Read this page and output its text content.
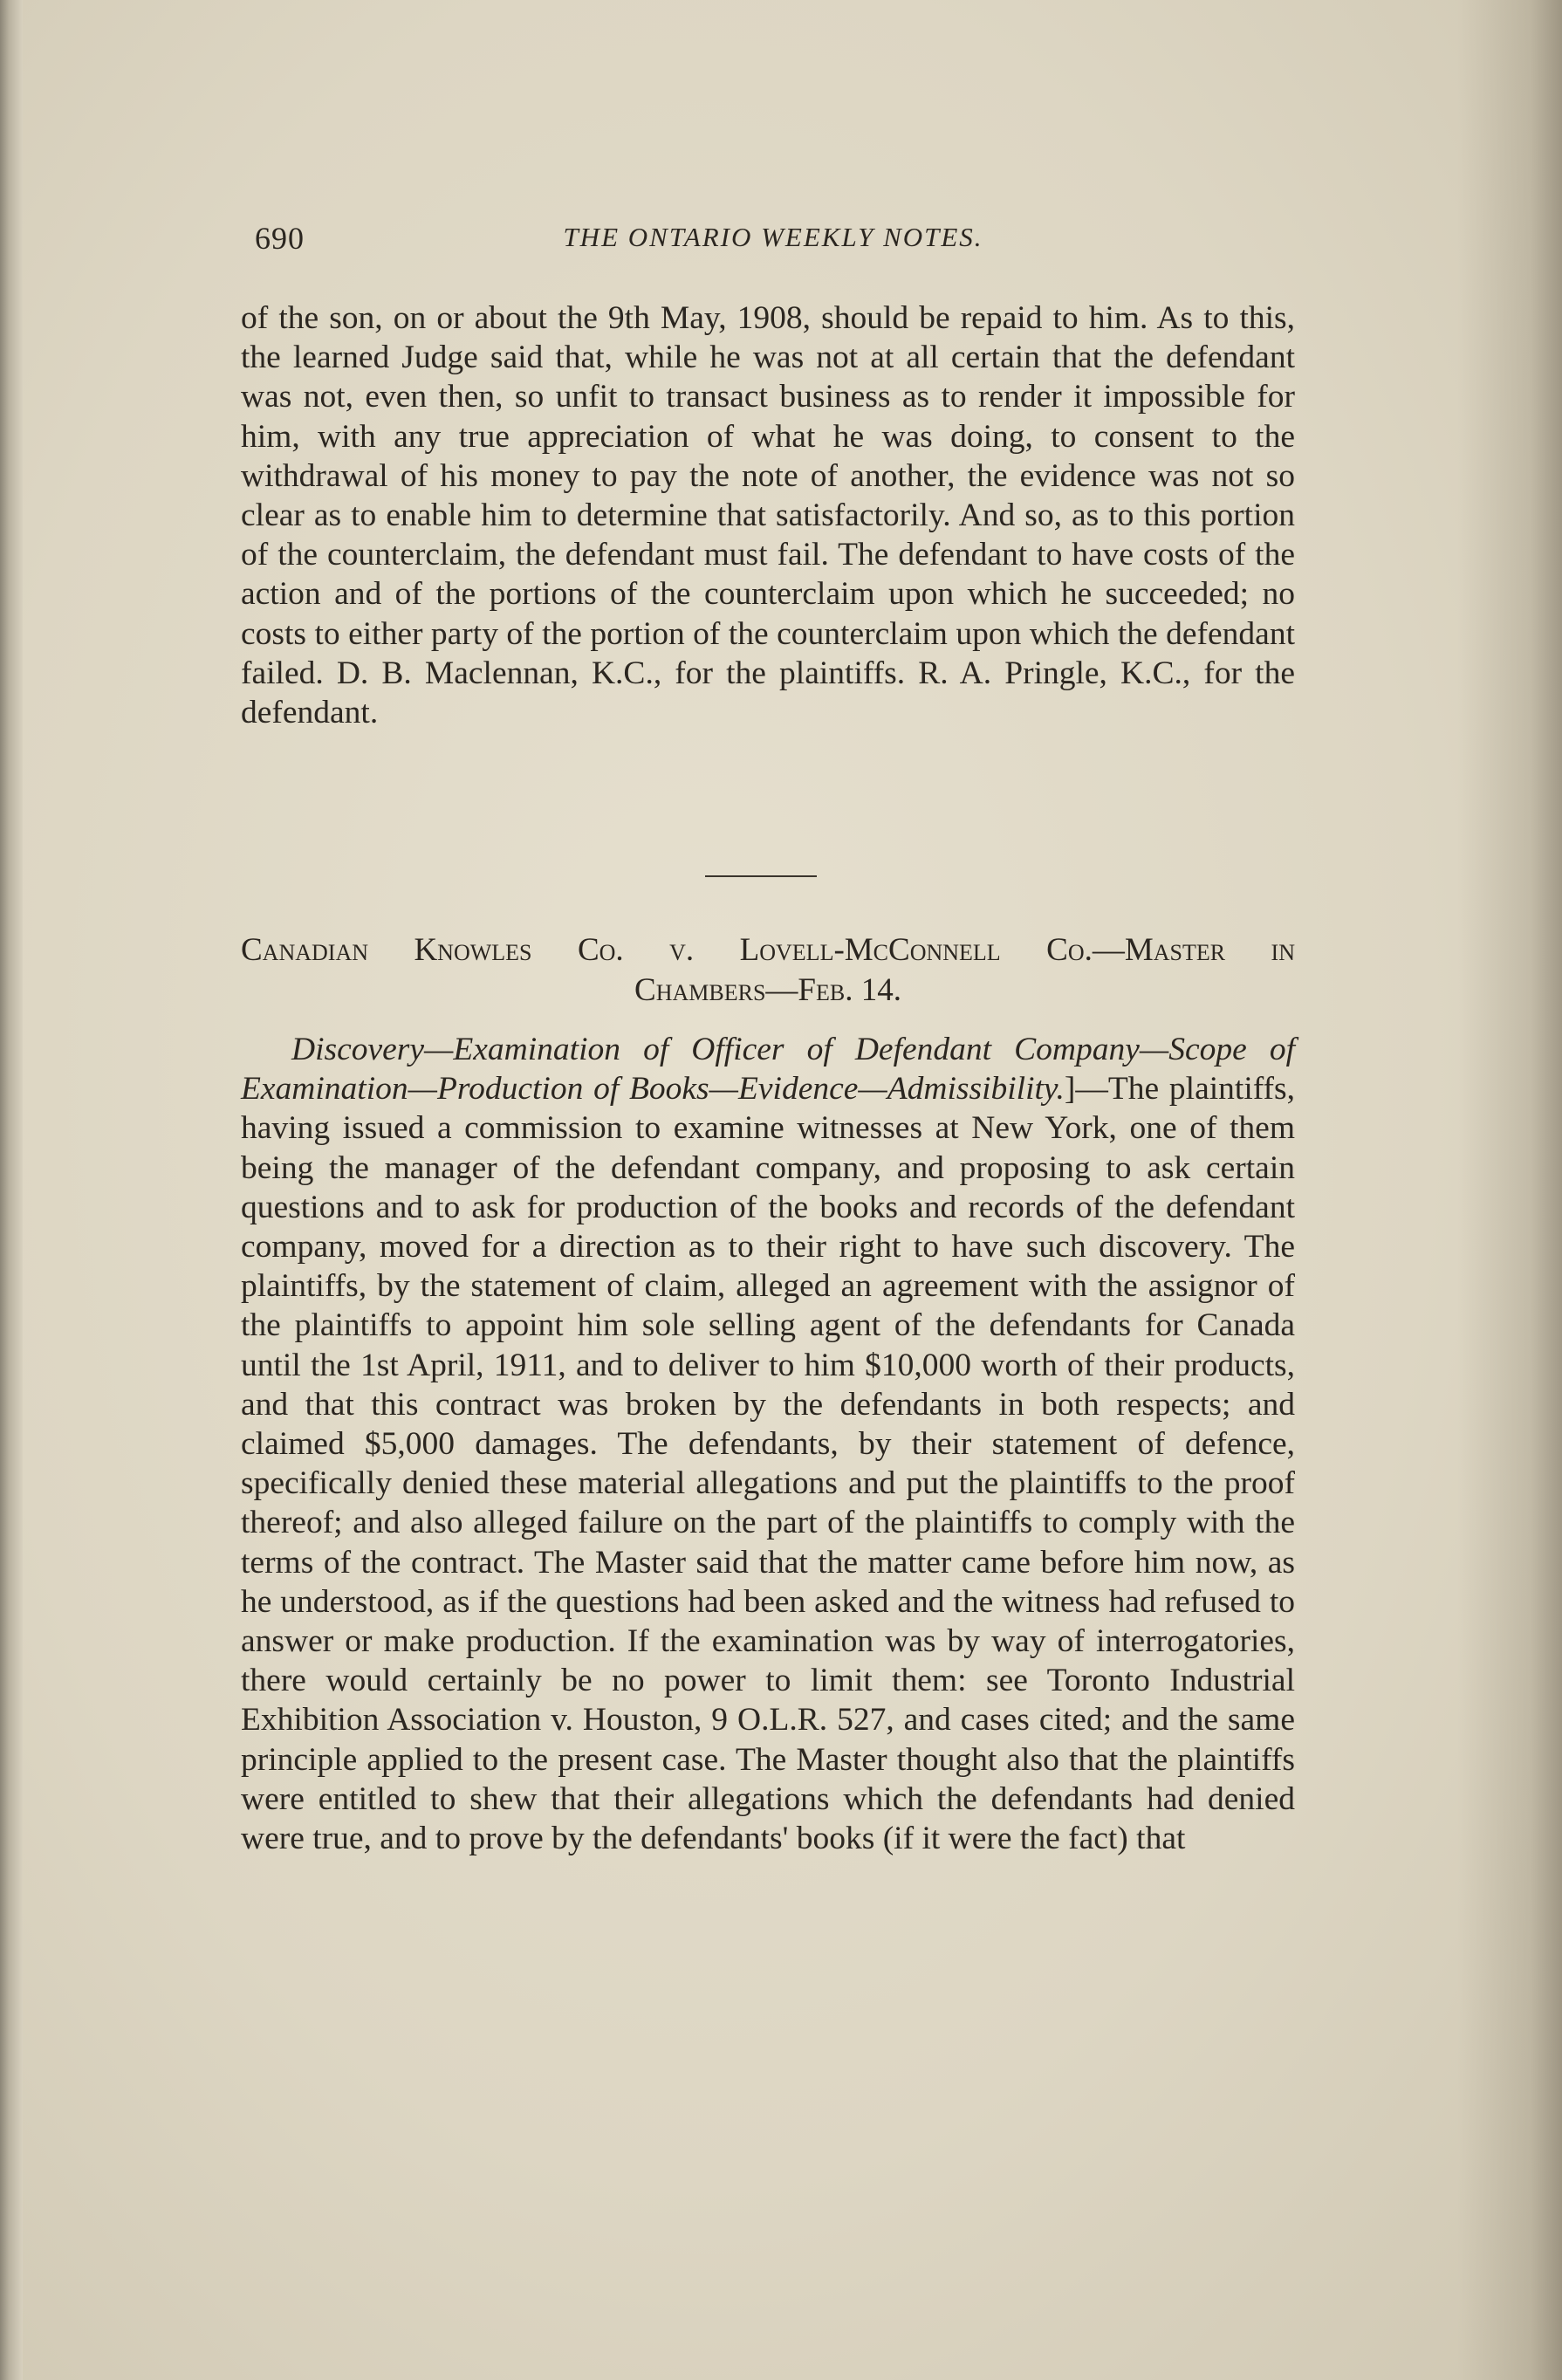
690	THE ONTARIO WEEKLY NOTES.

of the son, on or about the 9th May, 1908, should be repaid to him. As to this, the learned Judge said that, while he was not at all certain that the defendant was not, even then, so unfit to transact business as to render it impossible for him, with any true appreciation of what he was doing, to consent to the withdrawal of his money to pay the note of another, the evidence was not so clear as to enable him to determine that satisfactorily. And so, as to this portion of the counterclaim, the defendant must fail. The defendant to have costs of the action and of the portions of the counterclaim upon which he succeeded; no costs to either party of the portion of the counterclaim upon which the defendant failed. D. B. Maclennan, K.C., for the plaintiffs. R. A. Pringle, K.C., for the defendant.

Canadian Knowles Co. v. Lovell-McConnell Co.—Master in
Chambers—Feb. 14.

Discovery—Examination of Officer of Defendant Company—Scope of Examination—Production of Books—Evidence—Admissibility.]—The plaintiffs, having issued a commission to examine witnesses at New York, one of them being the manager of the defendant company, and proposing to ask certain questions and to ask for production of the books and records of the defendant company, moved for a direction as to their right to have such discovery. The plaintiffs, by the statement of claim, alleged an agreement with the assignor of the plaintiffs to appoint him sole selling agent of the defendants for Canada until the 1st April, 1911, and to deliver to him $10,000 worth of their products, and that this contract was broken by the defendants in both respects; and claimed $5,000 damages. The defendants, by their statement of defence, specifically denied these material allegations and put the plaintiffs to the proof thereof; and also alleged failure on the part of the plaintiffs to comply with the terms of the contract. The Master said that the matter came before him now, as he understood, as if the questions had been asked and the witness had refused to answer or make production. If the examination was by way of interrogatories, there would certainly be no power to limit them: see Toronto Industrial Exhibition Association v. Houston, 9 O.L.R. 527, and cases cited; and the same principle applied to the present case. The Master thought also that the plaintiffs were entitled to shew that their allegations which the defendants had denied were true, and to prove by the defendants' books (if it were the fact) that
